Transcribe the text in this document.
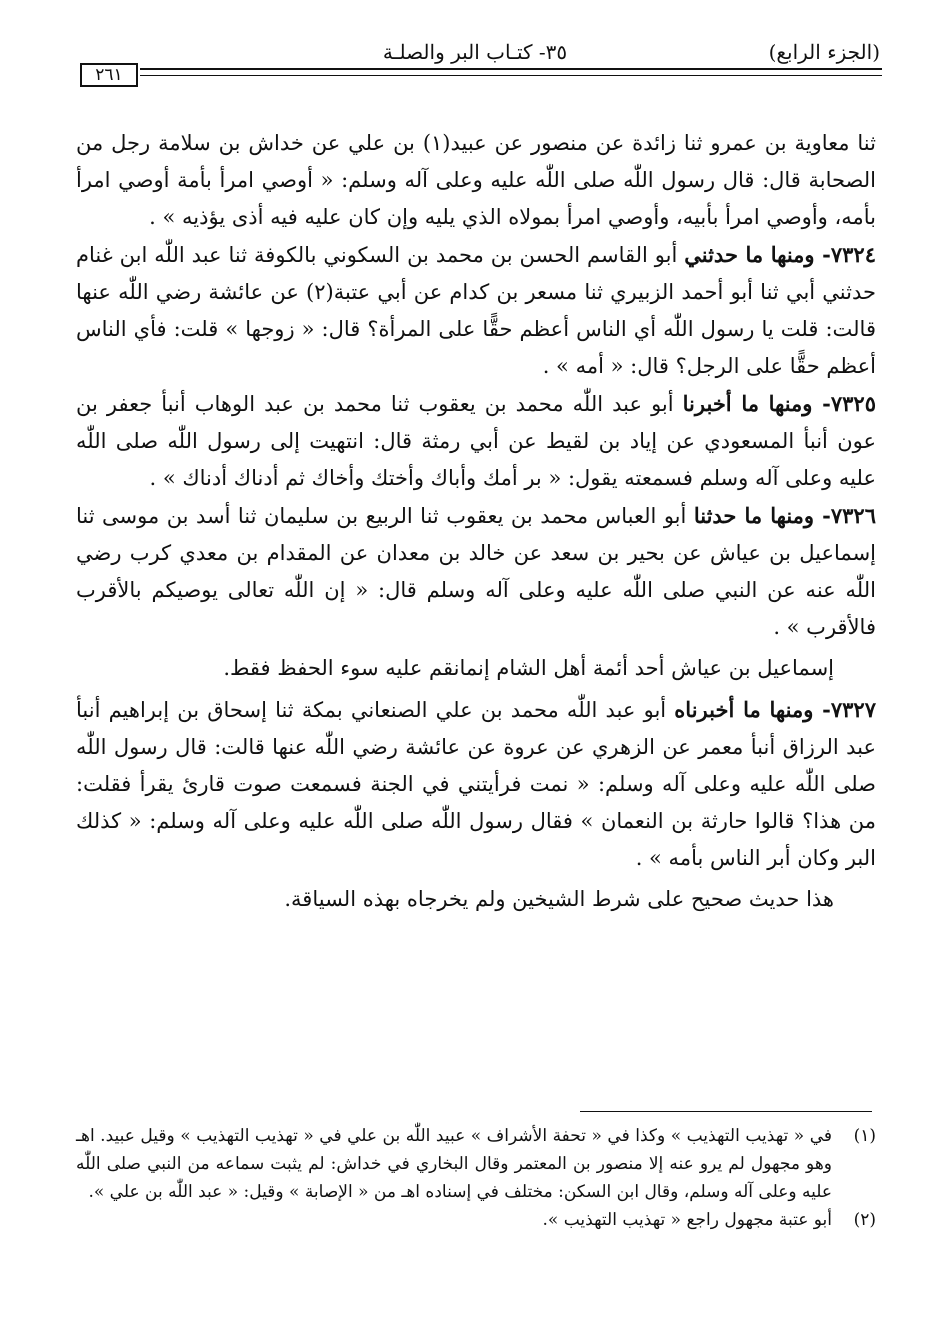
(الجزء الرابع)
٣٥- كتـاب البر والصلـة
٢٦١

ثنا معاوية بن عمرو ثنا زائدة عن منصور عن عبيد(١) بن علي عن خداش بن سلامة رجل من الصحابة قال: قال رسول اللّٰه صلى اللّٰه عليه وعلى آله وسلم: « أوصي امرأ بأمة أوصي امرأ بأمه، وأوصي امرأ بأبيه، وأوصي امرأ بمولاه الذي يليه وإن كان عليه فيه أذى يؤذيه » .

٧٣٢٤- ومنها ما حدثني أبو القاسم الحسن بن محمد بن السكوني بالكوفة ثنا عبد اللّٰه ابن غنام حدثني أبي ثنا أبو أحمد الزبيري ثنا مسعر بن كدام عن أبي عتبة(٢) عن عائشة رضي اللّٰه عنها قالت: قلت يا رسول اللّٰه أي الناس أعظم حقًّا على المرأة؟ قال: « زوجها » قلت: فأي الناس أعظم حقًّا على الرجل؟ قال: « أمه » .

٧٣٢٥- ومنها ما أخبرنا أبو عبد اللّٰه محمد بن يعقوب ثنا محمد بن عبد الوهاب أنبأ جعفر بن عون أنبأ المسعودي عن إياد بن لقيط عن أبي رمثة قال: انتهيت إلى رسول اللّٰه صلى اللّٰه عليه وعلى آله وسلم فسمعته يقول: « بر أمك وأباك وأختك وأخاك ثم أدناك أدناك » .

٧٣٢٦- ومنها ما حدثنا أبو العباس محمد بن يعقوب ثنا الربيع بن سليمان ثنا أسد بن موسى ثنا إسماعيل بن عياش عن بحير بن سعد عن خالد بن معدان عن المقدام بن معدي كرب رضي اللّٰه عنه عن النبي صلى اللّٰه عليه وعلى آله وسلم قال: « إن اللّٰه تعالى يوصيكم بالأقرب فالأقرب » .

إسماعيل بن عياش أحد أئمة أهل الشام إنمانقم عليه سوء الحفظ فقط.

٧٣٢٧- ومنها ما أخبرناه أبو عبد اللّٰه محمد بن علي الصنعاني بمكة ثنا إسحاق بن إبراهيم أنبأ عبد الرزاق أنبأ معمر عن الزهري عن عروة عن عائشة رضي اللّٰه عنها قالت: قال رسول اللّٰه صلى اللّٰه عليه وعلى آله وسلم: « نمت فرأيتني في الجنة فسمعت صوت قارئ يقرأ فقلت: من هذا؟ قالوا حارثة بن النعمان » فقال رسول اللّٰه صلى اللّٰه عليه وعلى آله وسلم: « كذلك البر وكان أبر الناس بأمه » .

هذا حديث صحيح على شرط الشيخين ولم يخرجاه بهذه السياقة.

(١)
في « تهذيب التهذيب » وكذا في « تحفة الأشراف » عبيد اللّٰه بن علي في « تهذيب التهذيب » وقيل عبيد. اهـ وهو مجهول لم يرو عنه إلا منصور بن المعتمر وقال البخاري في خداش: لم يثبت سماعه من النبي صلى اللّٰه عليه وعلى آله وسلم، وقال ابن السكن: مختلف في إسناده اهـ من « الإصابة » وقيل: « عبد اللّٰه بن علي ».
(٢)
أبو عتبة مجهول راجع « تهذيب التهذيب ».
